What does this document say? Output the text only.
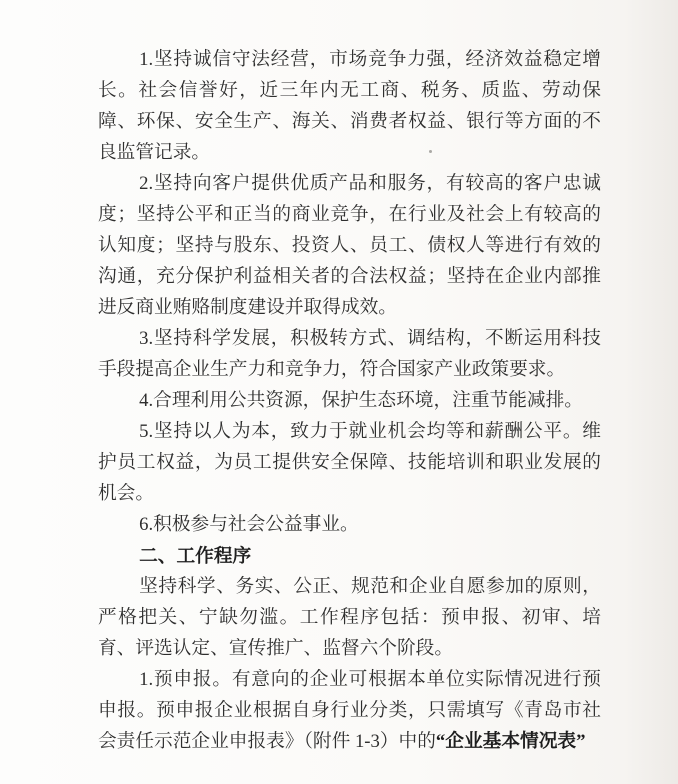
1.坚持诚信守法经营，市场竞争力强，经济效益稳定增长。社会信誉好，近三年内无工商、税务、质监、劳动保障、环保、安全生产、海关、消费者权益、银行等方面的不良监管记录。

2.坚持向客户提供优质产品和服务，有较高的客户忠诚度；坚持公平和正当的商业竞争，在行业及社会上有较高的认知度；坚持与股东、投资人、员工、债权人等进行有效的沟通，充分保护利益相关者的合法权益；坚持在企业内部推进反商业贿赂制度建设并取得成效。

3.坚持科学发展，积极转方式、调结构，不断运用科技手段提高企业生产力和竞争力，符合国家产业政策要求。

4.合理利用公共资源，保护生态环境，注重节能减排。

5.坚持以人为本，致力于就业机会均等和薪酬公平。维护员工权益，为员工提供安全保障、技能培训和职业发展的机会。

6.积极参与社会公益事业。

二、工作程序

坚持科学、务实、公正、规范和企业自愿参加的原则，严格把关、宁缺勿滥。工作程序包括：预申报、初审、培育、评选认定、宣传推广、监督六个阶段。

1.预申报。有意向的企业可根据本单位实际情况进行预申报。预申报企业根据自身行业分类，只需填写《青岛市社会责任示范企业申报表》（附件 1-3）中的“企业基本情况表”
